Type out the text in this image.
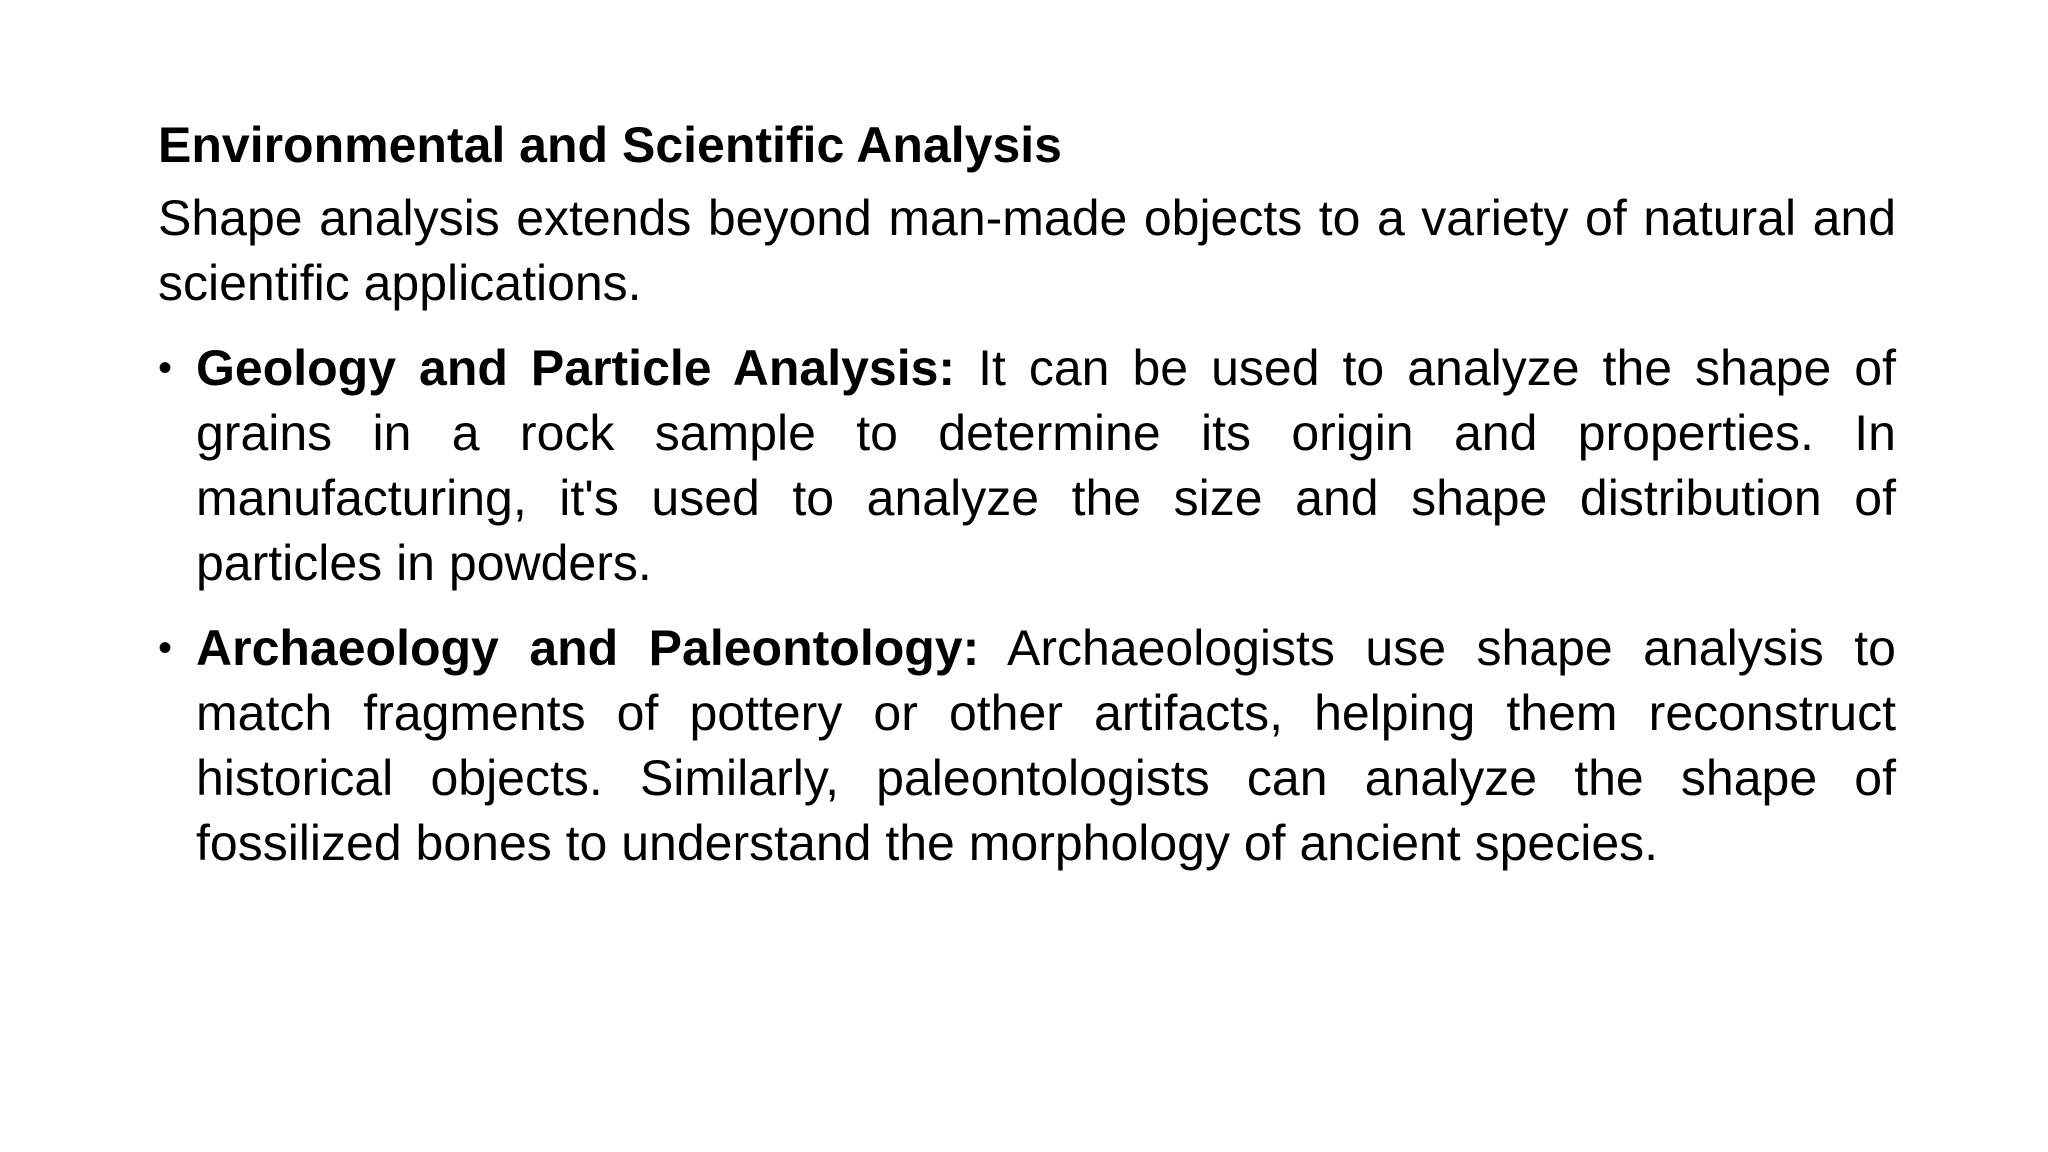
Environmental and Scientific Analysis
Shape analysis extends beyond man-made objects to a variety of natural and scientific applications.
• Geology and Particle Analysis: It can be used to analyze the shape of grains in a rock sample to determine its origin and properties. In manufacturing, it's used to analyze the size and shape distribution of particles in powders.
• Archaeology and Paleontology: Archaeologists use shape analysis to match fragments of pottery or other artifacts, helping them reconstruct historical objects. Similarly, paleontologists can analyze the shape of fossilized bones to understand the morphology of ancient species.
